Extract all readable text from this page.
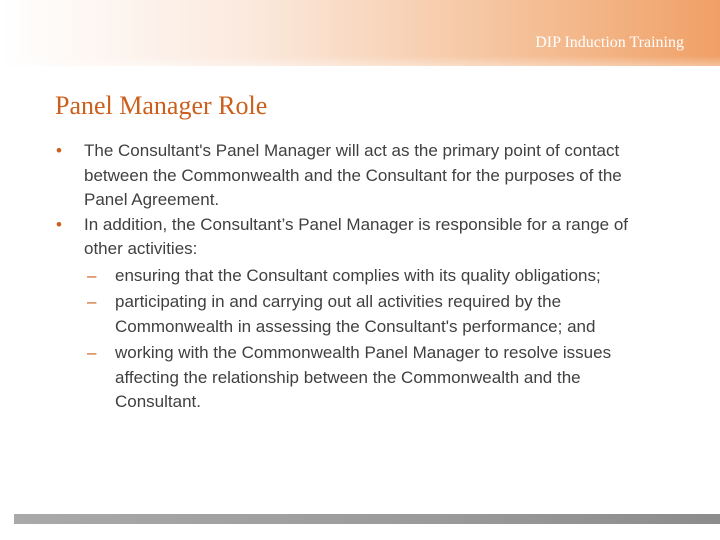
DIP Induction Training
Panel Manager Role
• The Consultant's Panel Manager will act as the primary point of contact between the Commonwealth and the Consultant for the purposes of the Panel Agreement.
• In addition, the Consultant’s Panel Manager is responsible for a range of other activities:
– ensuring that the Consultant complies with its quality obligations;
– participating in and carrying out all activities required by the Commonwealth in assessing the Consultant's performance; and
– working with the Commonwealth Panel Manager to resolve issues affecting the relationship between the Commonwealth and the Consultant.
